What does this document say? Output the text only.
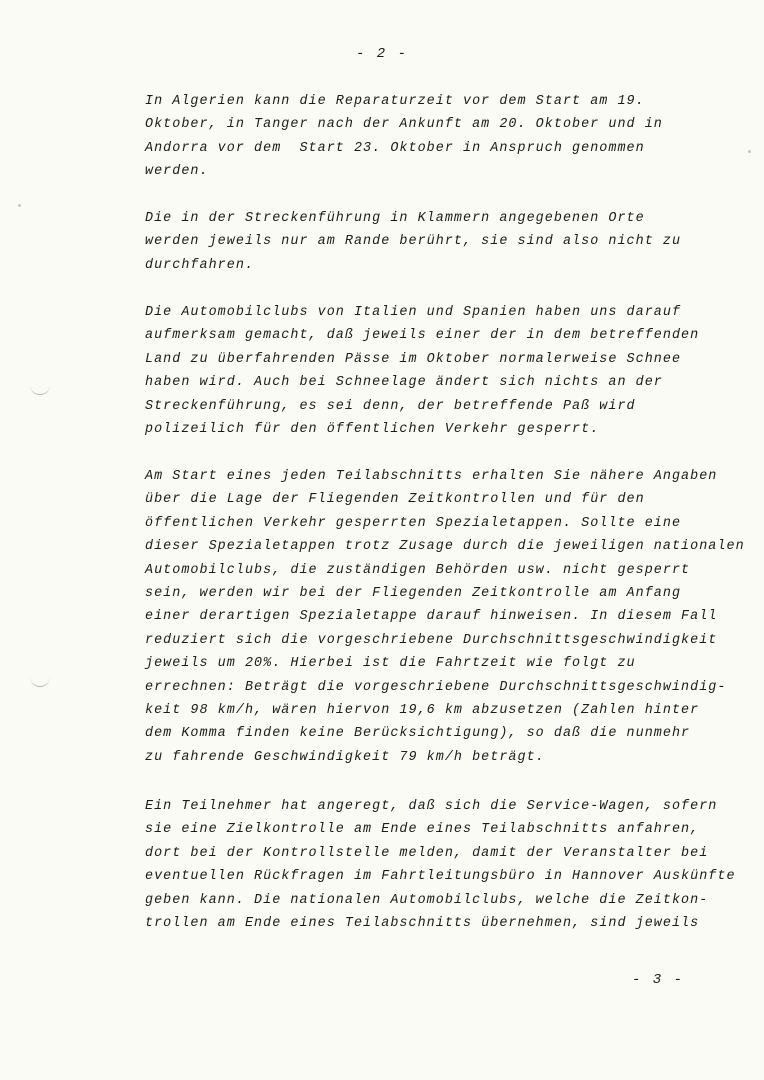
- 2 -
In Algerien kann die Reparaturzeit vor dem Start am 19.
Oktober, in Tanger nach der Ankunft am 20. Oktober und in
Andorra vor dem  Start 23. Oktober in Anspruch genommen
werden.
Die in der Streckenführung in Klammern angegebenen Orte
werden jeweils nur am Rande berührt, sie sind also nicht zu
durchfahren.
Die Automobilclubs von Italien und Spanien haben uns darauf
aufmerksam gemacht, daß jeweils einer der in dem betreffenden
Land zu überfahrenden Pässe im Oktober normalerweise Schnee
haben wird. Auch bei Schneelage ändert sich nichts an der
Streckenführung, es sei denn, der betreffende Paß wird
polizeilich für den öffentlichen Verkehr gesperrt.
Am Start eines jeden Teilabschnitts erhalten Sie nähere Angaben
über die Lage der Fliegenden Zeitkontrollen und für den
öffentlichen Verkehr gesperrten Spezialetappen. Sollte eine
dieser Spezialetappen trotz Zusage durch die jeweiligen nationalen
Automobilclubs, die zuständigen Behörden usw. nicht gesperrt
sein, werden wir bei der Fliegenden Zeitkontrolle am Anfang
einer derartigen Spezialetappe darauf hinweisen. In diesem Fall
reduziert sich die vorgeschriebene Durchschnittsgeschwindigkeit
jeweils um 20%. Hierbei ist die Fahrtzeit wie folgt zu
errechnen: Beträgt die vorgeschriebene Durchschnittsgeschwindig-
keit 98 km/h, wären hiervon 19,6 km abzusetzen (Zahlen hinter
dem Komma finden keine Berücksichtigung), so daß die nunmehr
zu fahrende Geschwindigkeit 79 km/h beträgt.
Ein Teilnehmer hat angeregt, daß sich die Service-Wagen, sofern
sie eine Zielkontrolle am Ende eines Teilabschnitts anfahren,
dort bei der Kontrollstelle melden, damit der Veranstalter bei
eventuellen Rückfragen im Fahrtleitungsbüro in Hannover Auskünfte
geben kann. Die nationalen Automobilclubs, welche die Zeitkon-
trollen am Ende eines Teilabschnitts übernehmen, sind jeweils
- 3 -
